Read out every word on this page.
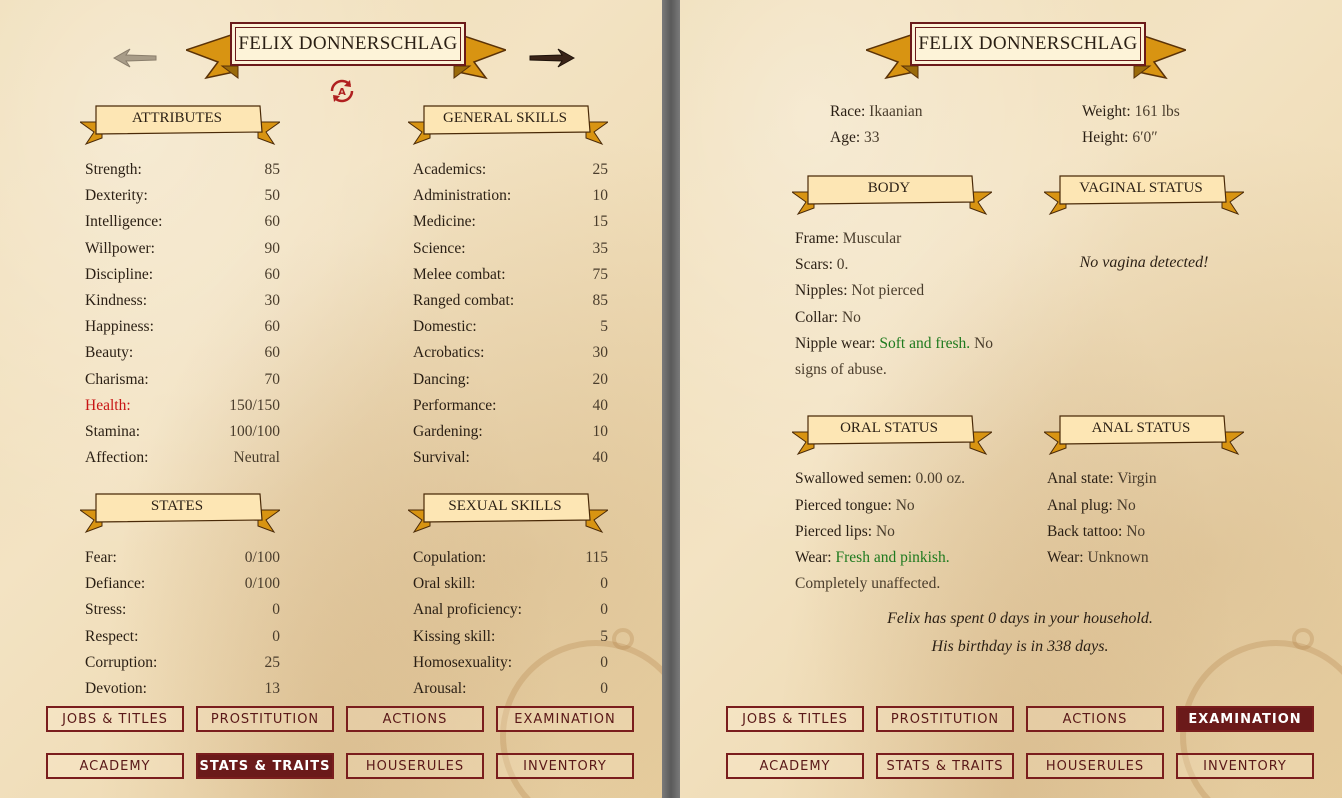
FELIX DONNERSCHLAG
A
ATTRIBUTES	GENERAL SKILLS
Strength:	85
Dexterity:	50
Intelligence:	60
Willpower:	90
Discipline:	60
Kindness:	30
Happiness:	60
Beauty:	60
Charisma:	70
Health:	150/150
Stamina:	100/100
Affection:	Neutral
Academics:	25
Administration:	10
Medicine:	15
Science:	35
Melee combat:	75
Ranged combat:	85
Domestic:	5
Acrobatics:	30
Dancing:	20
Performance:	40
Gardening:	10
Survival:	40
STATES	SEXUAL SKILLS
Fear:	0/100
Defiance:	0/100
Stress:	0
Respect:	0
Corruption:	25
Devotion:	13
Copulation:	115
Oral skill:	0
Anal proficiency:	0
Kissing skill:	5
Homosexuality:	0
Arousal:	0
JOBS & TITLES	PROSTITUTION	ACTIONS	EXAMINATION
ACADEMY	STATS & TRAITS	HOUSERULES	INVENTORY
FELIX DONNERSCHLAG
Race: Ikaanian
Age: 33
Weight: 161 lbs
Height: 6′0″
BODY	VAGINAL STATUS
Frame: Muscular
Scars: 0.
Nipples: Not pierced
Collar: No
Nipple wear: Soft and fresh. No
signs of abuse.
No vagina detected!
ORAL STATUS	ANAL STATUS
Swallowed semen: 0.00 oz.
Pierced tongue: No
Pierced lips: No
Wear: Fresh and pinkish.
Completely unaffected.
Anal state: Virgin
Anal plug: No
Back tattoo: No
Wear: Unknown
Felix has spent 0 days in your household.
His birthday is in 338 days.
JOBS & TITLES	PROSTITUTION	ACTIONS	EXAMINATION
ACADEMY	STATS & TRAITS	HOUSERULES	INVENTORY
